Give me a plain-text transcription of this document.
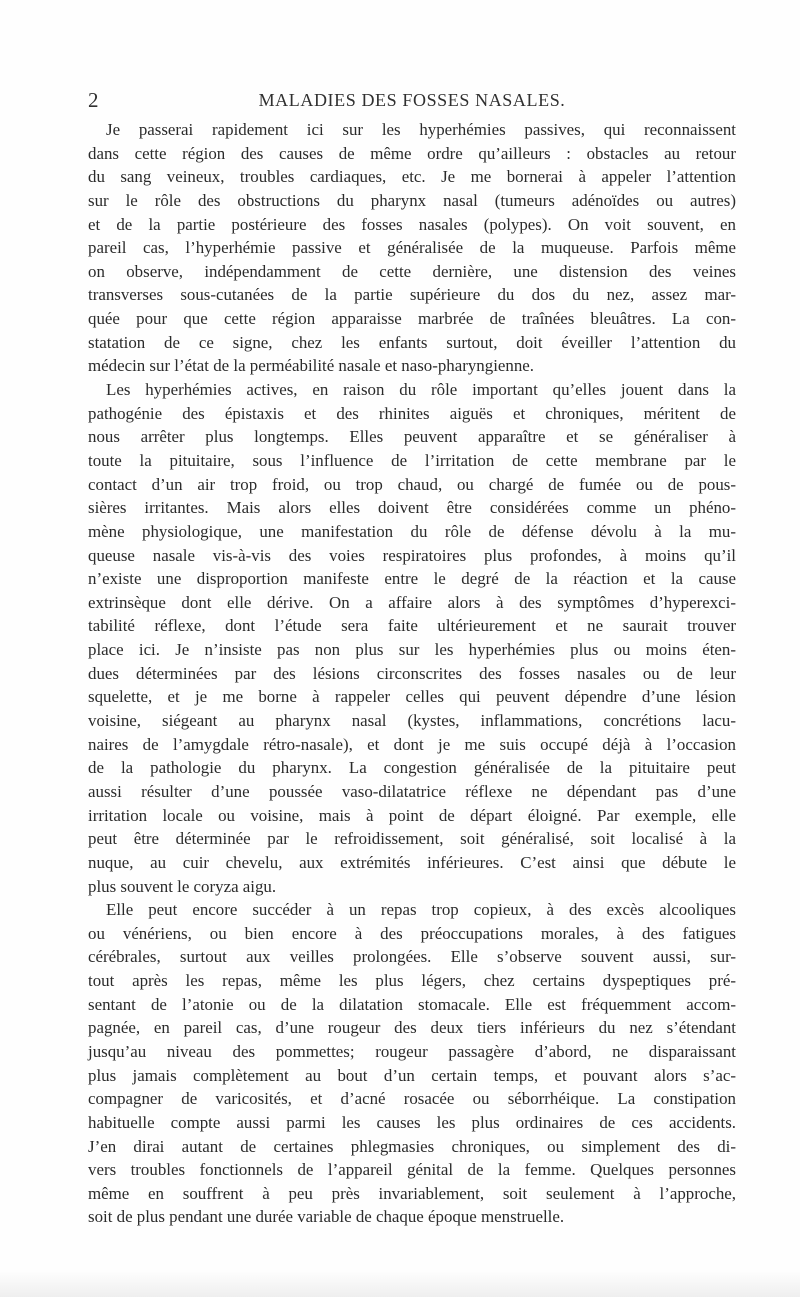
2	MALADIES DES FOSSES NASALES.
Je passerai rapidement ici sur les hyperhémies passives, qui reconnaissent
dans cette région des causes de même ordre qu’ailleurs : obstacles au retour
du sang veineux, troubles cardiaques, etc. Je me bornerai à appeler l’attention
sur le rôle des obstructions du pharynx nasal (tumeurs adénoïdes ou autres)
et de la partie postérieure des fosses nasales (polypes). On voit souvent, en
pareil cas, l’hyperhémie passive et généralisée de la muqueuse. Parfois même
on observe, indépendamment de cette dernière, une distension des veines
transverses sous-cutanées de la partie supérieure du dos du nez, assez mar-
quée pour que cette région apparaisse marbrée de traînées bleuâtres. La con-
statation de ce signe, chez les enfants surtout, doit éveiller l’attention du
médecin sur l’état de la perméabilité nasale et naso-pharyngienne.
Les hyperhémies actives, en raison du rôle important qu’elles jouent dans la
pathogénie des épistaxis et des rhinites aiguës et chroniques, méritent de
nous arrêter plus longtemps. Elles peuvent apparaître et se généraliser à
toute la pituitaire, sous l’influence de l’irritation de cette membrane par le
contact d’un air trop froid, ou trop chaud, ou chargé de fumée ou de pous-
sières irritantes. Mais alors elles doivent être considérées comme un phéno-
mène physiologique, une manifestation du rôle de défense dévolu à la mu-
queuse nasale vis-à-vis des voies respiratoires plus profondes, à moins qu’il
n’existe une disproportion manifeste entre le degré de la réaction et la cause
extrinsèque dont elle dérive. On a affaire alors à des symptômes d’hyperexci-
tabilité réflexe, dont l’étude sera faite ultérieurement et ne saurait trouver
place ici. Je n’insiste pas non plus sur les hyperhémies plus ou moins éten-
dues déterminées par des lésions circonscrites des fosses nasales ou de leur
squelette, et je me borne à rappeler celles qui peuvent dépendre d’une lésion
voisine, siégeant au pharynx nasal (kystes, inflammations, concrétions lacu-
naires de l’amygdale rétro-nasale), et dont je me suis occupé déjà à l’occasion
de la pathologie du pharynx. La congestion généralisée de la pituitaire peut
aussi résulter d’une poussée vaso-dilatatrice réflexe ne dépendant pas d’une
irritation locale ou voisine, mais à point de départ éloigné. Par exemple, elle
peut être déterminée par le refroidissement, soit généralisé, soit localisé à la
nuque, au cuir chevelu, aux extrémités inférieures. C’est ainsi que débute le
plus souvent le coryza aigu.
Elle peut encore succéder à un repas trop copieux, à des excès alcooliques
ou vénériens, ou bien encore à des préoccupations morales, à des fatigues
cérébrales, surtout aux veilles prolongées. Elle s’observe souvent aussi, sur-
tout après les repas, même les plus légers, chez certains dyspeptiques pré-
sentant de l’atonie ou de la dilatation stomacale. Elle est fréquemment accom-
pagnée, en pareil cas, d’une rougeur des deux tiers inférieurs du nez s’étendant
jusqu’au niveau des pommettes; rougeur passagère d’abord, ne disparaissant
plus jamais complètement au bout d’un certain temps, et pouvant alors s’ac-
compagner de varicosités, et d’acné rosacée ou séborrhéique. La constipation
habituelle compte aussi parmi les causes les plus ordinaires de ces accidents.
J’en dirai autant de certaines phlegmasies chroniques, ou simplement des di-
vers troubles fonctionnels de l’appareil génital de la femme. Quelques personnes
même en souffrent à peu près invariablement, soit seulement à l’approche,
soit de plus pendant une durée variable de chaque époque menstruelle.
